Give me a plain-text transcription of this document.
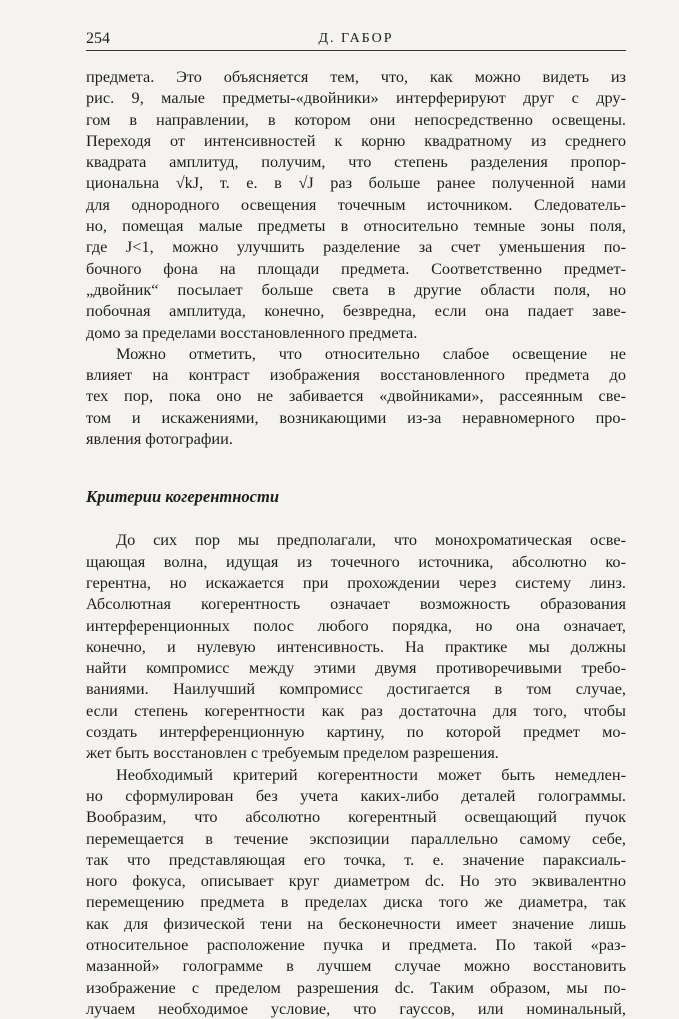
254	Д. ГАБОР
предмета. Это объясняется тем, что, как можно видеть из
рис. 9, малые предметы-«двойники» интерферируют друг с дру-
гом в направлении, в котором они непосредственно освещены.
Переходя от интенсивностей к корню квадратному из среднего
квадрата амплитуд, получим, что степень разделения пропор-
циональна √kJ, т. е. в √J раз больше ранее полученной нами
для однородного освещения точечным источником. Следователь-
но, помещая малые предметы в относительно темные зоны поля,
где J<1, можно улучшить разделение за счет уменьшения по-
бочного фона на площади предмета. Соответственно предмет-
„двойник“ посылает больше света в другие области поля, но
побочная амплитуда, конечно, безвредна, если она падает заве-
домо за пределами восстановленного предмета.
Можно отметить, что относительно слабое освещение не
влияет на контраст изображения восстановленного предмета до
тех пор, пока оно не забивается «двойниками», рассеянным све-
том и искажениями, возникающими из-за неравномерного про-
явления фотографии.
Критерии когерентности
До сих пор мы предполагали, что монохроматическая осве-
щающая волна, идущая из точечного источника, абсолютно ко-
герентна, но искажается при прохождении через систему линз.
Абсолютная когерентность означает возможность образования
интерференционных полос любого порядка, но она означает,
конечно, и нулевую интенсивность. На практике мы должны
найти компромисс между этими двумя противоречивыми требо-
ваниями. Наилучший компромисс достигается в том случае,
если степень когерентности как раз достаточна для того, чтобы
создать интерференционную картину, по которой предмет мо-
жет быть восстановлен с требуемым пределом разрешения.
Необходимый критерий когерентности может быть немедлен-
но сформулирован без учета каких-либо деталей голограммы.
Вообразим, что абсолютно когерентный освещающий пучок
перемещается в течение экспозиции параллельно самому себе,
так что представляющая его точка, т. е. значение параксиаль-
ного фокуса, описывает круг диаметром dc. Но это эквивалентно
перемещению предмета в пределах диска того же диаметра, так
как для физической тени на бесконечности имеет значение лишь
относительное расположение пучка и предмета. По такой «раз-
мазанной» голограмме в лучшем случае можно восстановить
изображение с пределом разрешения dc. Таким образом, мы по-
лучаем необходимое условие, что гауссов, или номинальный,
